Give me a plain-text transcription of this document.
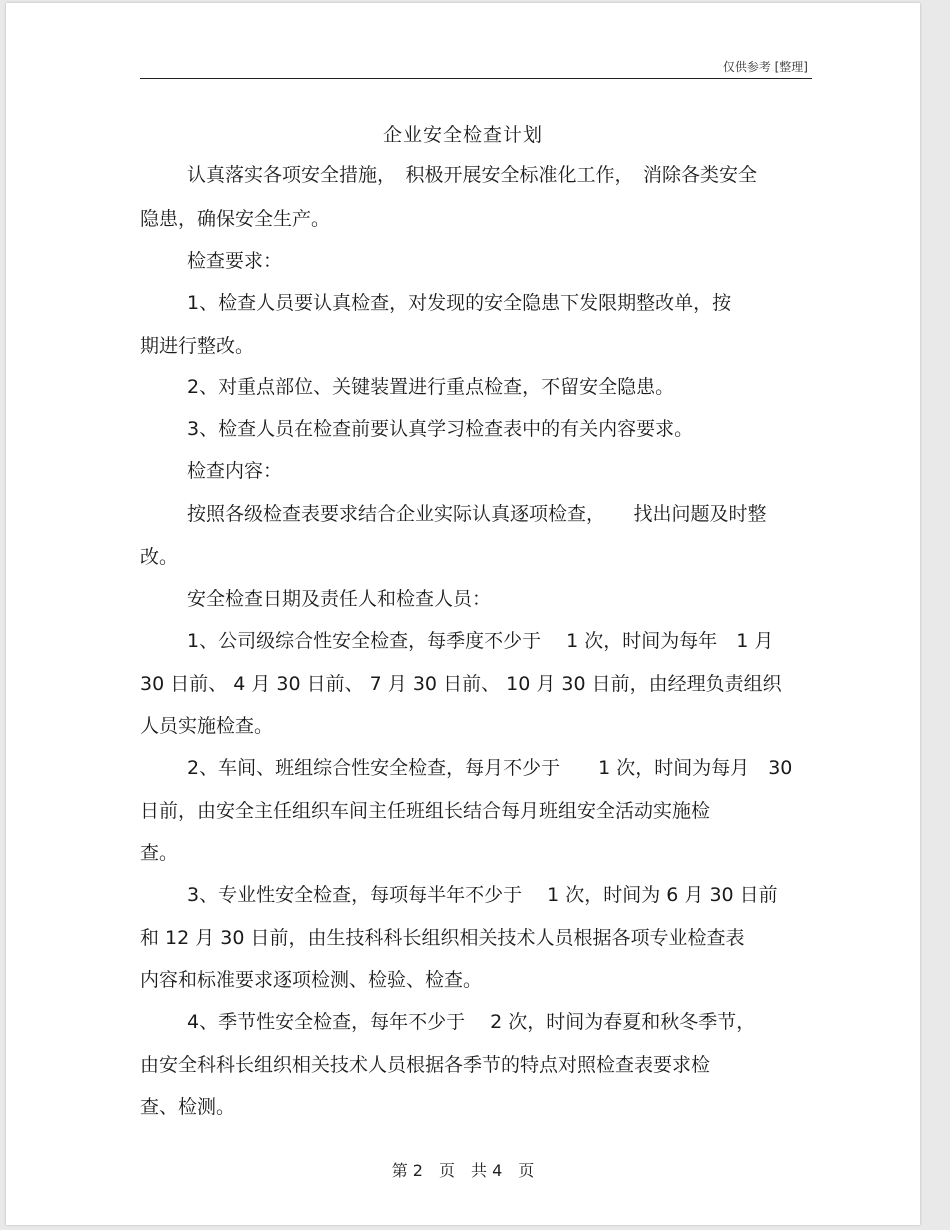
仅供参考 [整理]
企业安全检查计划
认真落实各项安全措施，　积极开展安全标准化工作，　消除各类安全
隐患，确保安全生产。
检查要求：
1、检查人员要认真检查，对发现的安全隐患下发限期整改单，按
期进行整改。
2、对重点部位、关键装置进行重点检查，不留安全隐患。
3、检查人员在检查前要认真学习检查表中的有关内容要求。
检查内容：
按照各级检查表要求结合企业实际认真逐项检查，　　找出问题及时整
改。
安全检查日期及责任人和检查人员：
1、公司级综合性安全检查，每季度不少于　 1 次，时间为每年　1 月
30 日前、 4 月 30 日前、 7 月 30 日前、 10 月 30 日前，由经理负责组织
人员实施检查。
2、车间、班组综合性安全检查，每月不少于　　1 次，时间为每月　30
日前，由安全主任组织车间主任班组长结合每月班组安全活动实施检
查。
3、专业性安全检查，每项每半年不少于　 1 次，时间为 6 月 30 日前
和 12 月 30 日前，由生技科科长组织相关技术人员根据各项专业检查表
内容和标准要求逐项检测、检验、检查。
4、季节性安全检查，每年不少于　 2 次，时间为春夏和秋冬季节，
由安全科科长组织相关技术人员根据各季节的特点对照检查表要求检
查、检测。
第 2　页　共 4　页
